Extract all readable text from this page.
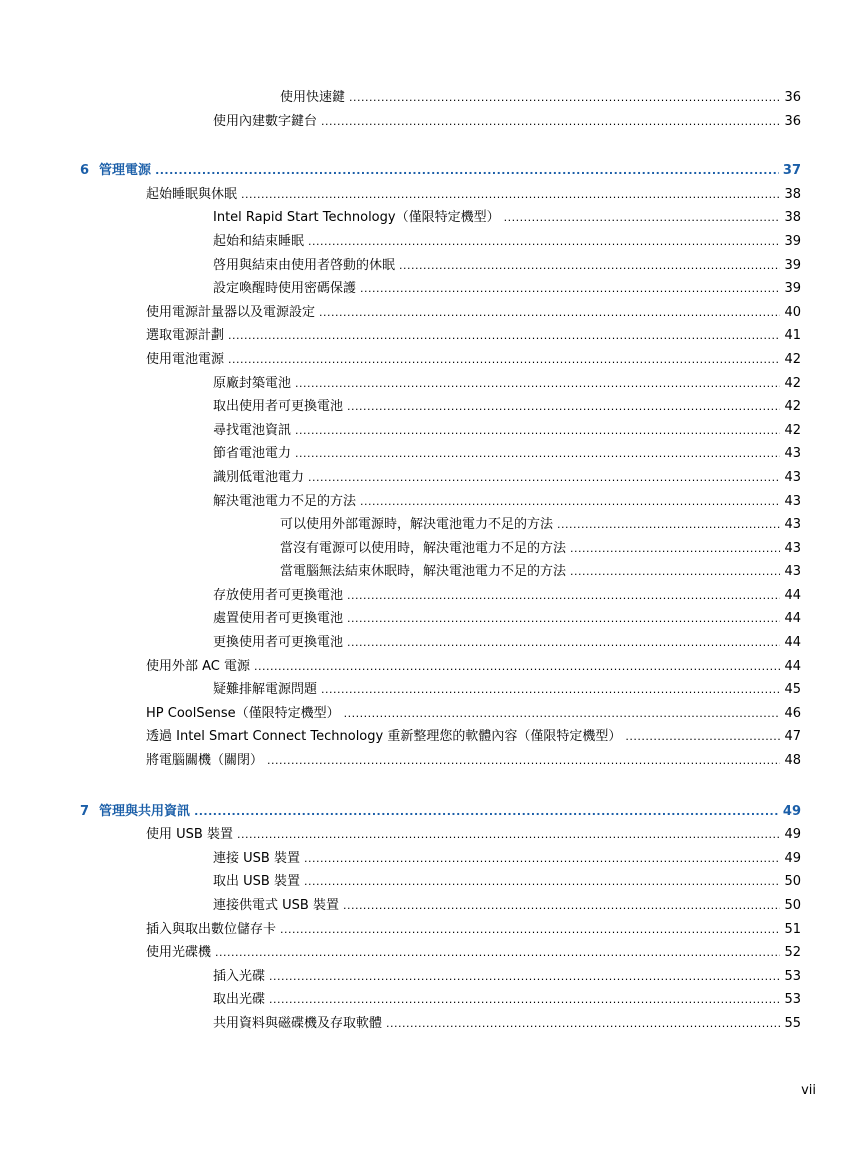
使用快速鍵 .....	36
使用內建數字鍵台 .....	36
6 管理電源 .....	37
起始睡眠與休眠 .....	38
Intel Rapid Start Technology（僅限特定機型） .....	38
起始和結束睡眠 .....	39
啓用與結束由使用者啓動的休眠 .....	39
設定喚醒時使用密碼保護 .....	39
使用電源計量器以及電源設定 .....	40
選取電源計劃 .....	41
使用電池電源 .....	42
原廠封築電池 .....	42
取出使用者可更換電池 .....	42
尋找電池資訊 .....	42
節省電池電力 .....	43
識別低電池電力 .....	43
解決電池電力不足的方法 .....	43
可以使用外部電源時，解決電池電力不足的方法 .....	43
當沒有電源可以使用時，解決電池電力不足的方法 .....	43
當電腦無法結束休眠時，解決電池電力不足的方法 .....	43
存放使用者可更換電池 .....	44
處置使用者可更換電池 .....	44
更換使用者可更換電池 .....	44
使用外部 AC 電源 .....	44
疑難排解電源問題 .....	45
HP CoolSense（僅限特定機型） .....	46
透過 Intel Smart Connect Technology 重新整理您的軟體內容（僅限特定機型） .....	47
將電腦關機（關閉） .....	48
7 管理與共用資訊 .....	49
使用 USB 裝置 .....	49
連接 USB 裝置 .....	49
取出 USB 裝置 .....	50
連接供電式 USB 裝置 .....	50
插入與取出數位儲存卡 .....	51
使用光碟機 .....	52
插入光碟 .....	53
取出光碟 .....	53
共用資料與磁碟機及存取軟體 .....	55
vii
